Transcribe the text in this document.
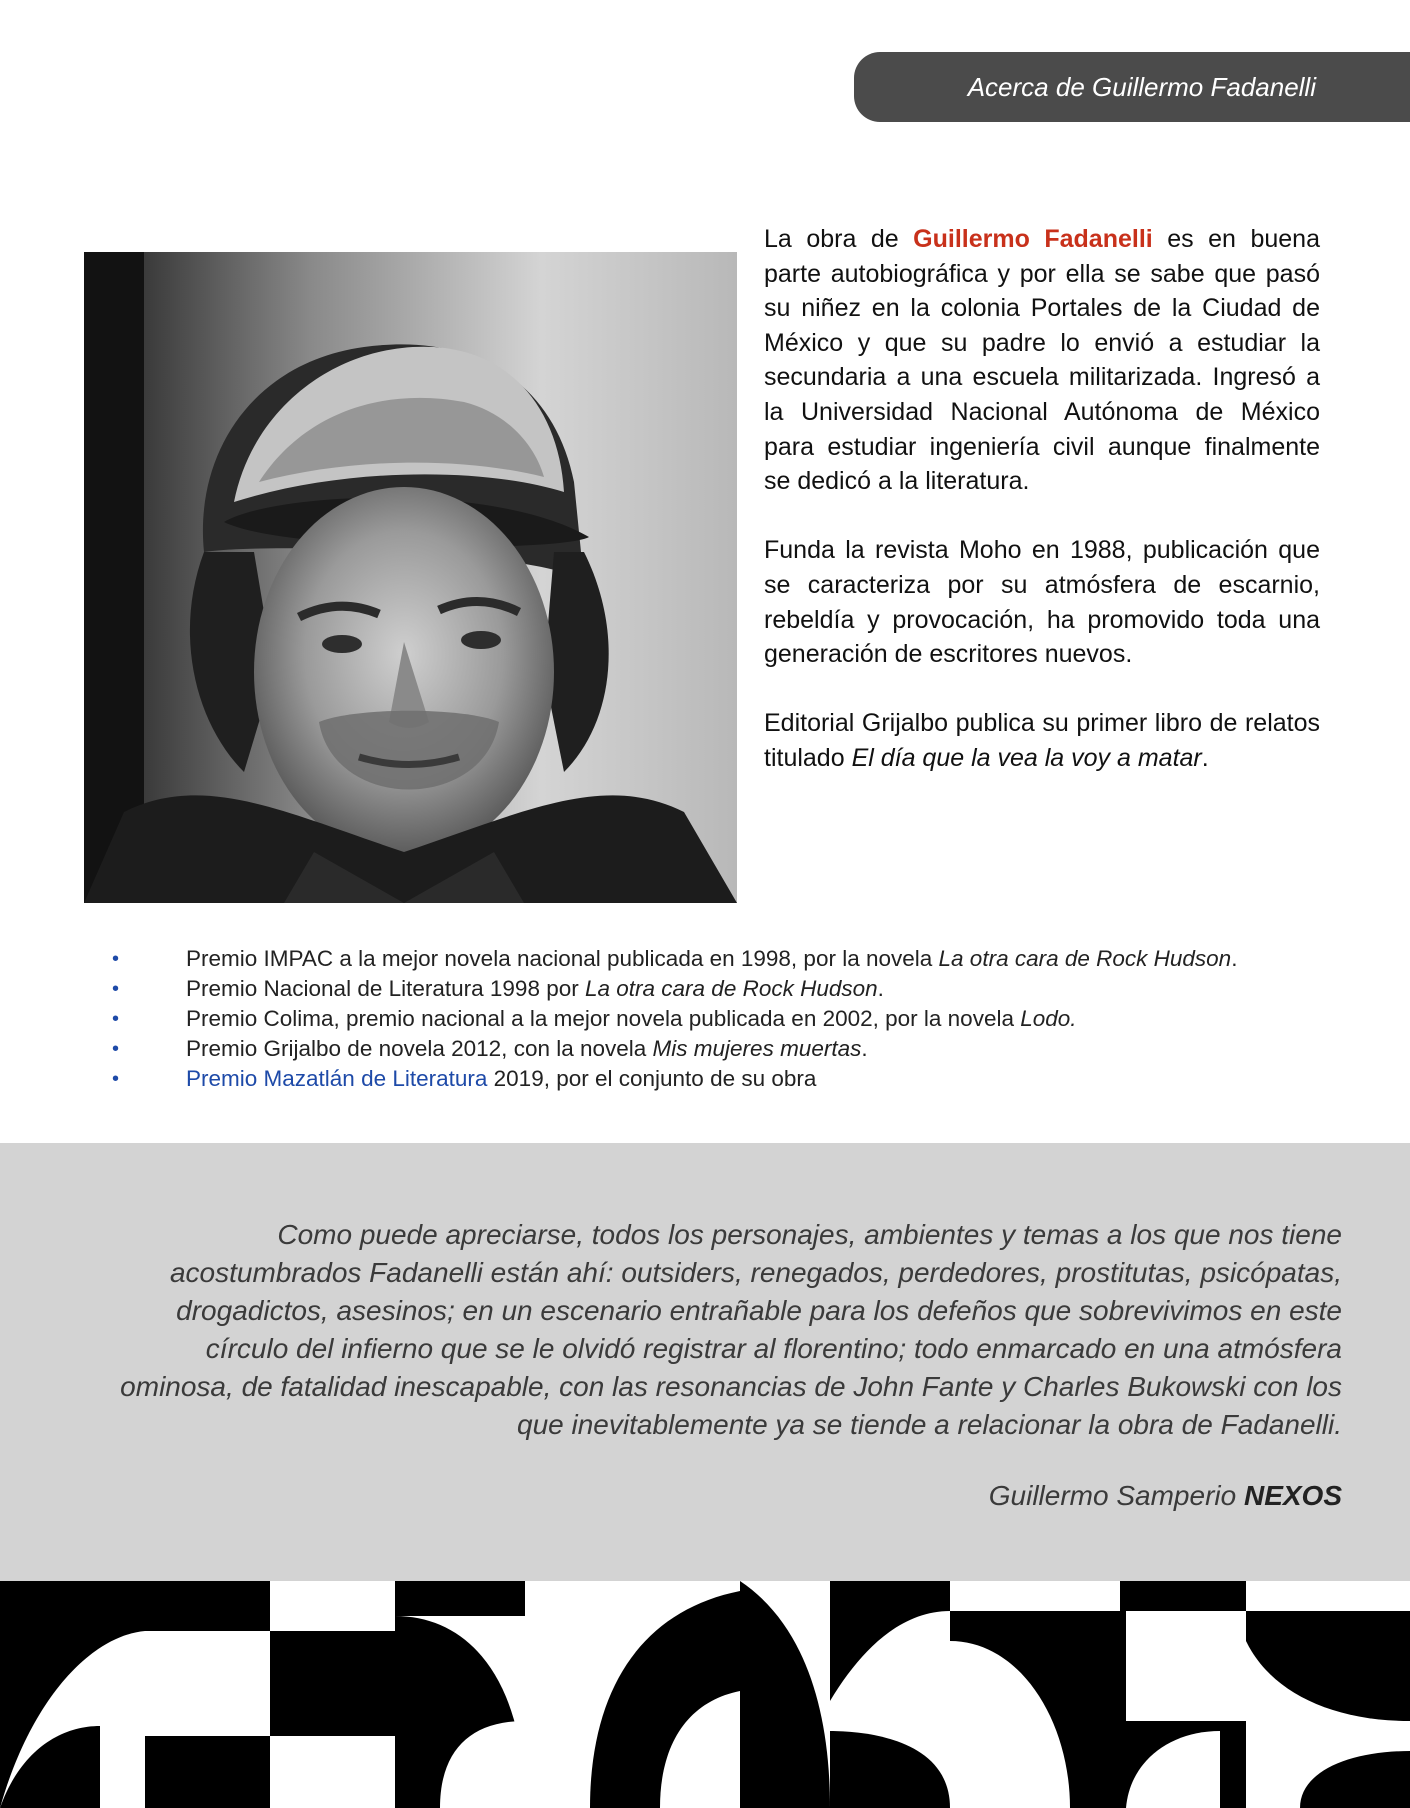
Acerca de Guillermo Fadanelli

La obra de Guillermo Fadanelli es en buena parte autobiográfica y por ella se sabe que pasó su niñez en la colonia Portales de la Ciudad de México y que su padre lo envió a estudiar la secundaria a una escuela militarizada. Ingresó a la Universidad Nacional Autónoma de México para estudiar ingeniería civil aunque finalmente se dedicó a la literatura.

Funda la revista Moho en 1988, publicación que se caracteriza por su atmósfera de escarnio, rebeldía y provocación, ha promovido toda una generación de escritores nuevos.

Editorial Grijalbo publica su primer libro de relatos titulado El día que la vea la voy a matar.

•	Premio IMPAC a la mejor novela nacional publicada en 1998, por la novela La otra cara de Rock Hudson.
•	Premio Nacional de Literatura 1998 por La otra cara de Rock Hudson.
•	Premio Colima, premio nacional a la mejor novela publicada en 2002, por la novela Lodo.
•	Premio Grijalbo de novela 2012, con la novela Mis mujeres muertas.
•	Premio Mazatlán de Literatura 2019, por el conjunto de su obra

Como puede apreciarse, todos los personajes, ambientes y temas a los que nos tiene acostumbrados Fadanelli están ahí: outsiders, renegados, perdedores, prostitutas, psicópatas, drogadictos, asesinos; en un escenario entrañable para los defeños que sobrevivimos en este círculo del infierno que se le olvidó registrar al florentino; todo enmarcado en una atmósfera ominosa, de fatalidad inescapable, con las resonancias de John Fante y Charles Bukowski con los que inevitablemente ya se tiende a relacionar la obra de Fadanelli.

Guillermo Samperio NEXOS
